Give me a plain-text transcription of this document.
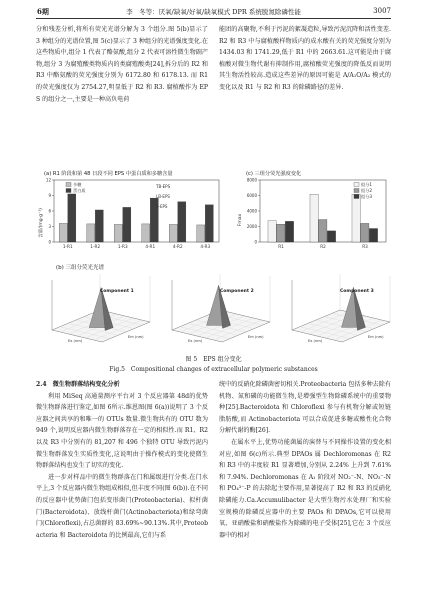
6期	李　冬等：厌氧/缺氧/好氧/缺氧模式 DPR 系统脱氮除磷性能	3007
分和残差分析,将所有荧光光谱分解为 3 个组分.图 5(b)显示了 3 种组分的光谱位置,图 5(c)显示了 3 种组分的光谱强度变化.在这些物质中,组分 1 代表了酪氨酸,组分 2 代表可溶性微生物副产物,组分 3 为腐殖酸类物质内的类腐殖酸类[24],拆分后的 R2 和 R3 中酪氨酸的荧光强度分别为 6172.80 和 6178.13. 而 R1 的荧光强度仅为 2754.27,明显低于 R2 和 R3. 腐植酸作为 EPS 的组分之一,主要是一种高负电荷
能团的高聚物,不利于污泥的絮凝造粒,导致污泥沉降和活性变差.R2 和 R3 中与腐植酸样物质内的成水酸有关的荧光强度分别为 1434.03 和 1741.29,低于 R1 中的 2663.61.这可能是由于腐植酸对微生物代谢有抑制作用,腐植酸荧光强度的降低反而说明其生物活性较高.造成这些差异的原因可能是 A/A₁O/A₂ 模式的变化以及 R1 与 R2 和 R3 的除磷路径的差异.
(a) R1 阶段和第 48 日段不同 EPS 中蛋白质和多糖含量
含量/(mg·g⁻¹)
0
3
6
9
12
1-R1	1-R2	1-R3	4-R1	4-R2	4-R3
多糖
蛋白质
TB-EPS
LB-EPS
S-EPS
(c) 三组分荧光强度变化
Fmax
0
2000
4000
6000
8000
R1	R2	R3
组分1
组分2
组分3
(b) 三组分荧光光谱
Component 1
Ex (nm)
Em (nm)
Component 2
Ex (nm)
Em (nm)
Component 3
Ex (nm)
Em (nm)
图 5　EPS 组分变化
Fig.5　Compositional changes of extracellular polymeric substances
2.4　微生物群落结构变化分析
利用 MiSeq 高通量测序平台对 3 个反应器第 48d的优势微生物群落进行鉴定,如图 6所示.维恩图(图 6(a))说明了 3 个反应器之间共享的和唯一的 OTUs 数量.微生物共有的 OTU 数为 949 个,说明反应器内微生物群落存在一定的相似性.而 R1、R2 以及 R3 中分别有的 81,207 和 496 个独特 OTU 导致污泥内微生物群落发生实质性变化,这说明由于操作模式的变化使微生物群落结构也发生了切实的变化.
进一步对样品中的微生物群落在门和属级进行分类.在门水平上,3 个反应器内微生物组成相似,但丰度不同(图 6(b)).在不同的反应器中优势菌门包括变形菌门(Proteobacteria)、拟杆菌门(Bacteroidota)、放线杆菌门(Actinobacteriota)和绿弯菌门(Chloroflexi),占总菌群的 83.69%~90.13%.其中,Proteobacteria 和 Bacteroidota 的比例最高,它们与系
统中的反硝化除磷菌密切相关.Proteobacteria 包括多种去除有机物、氮和磷的功能微生物,是增强型生物除磷系统中的重要物种[25].Bacteroidota 和 Chloroflexi 参与有机物分解或短链脂肪酸,而 Actinobacteriota 可以合成促进多糖或酸性化合物分解代谢的酶[26].
在属水平上,优势功能菌属的演替与不同操作设置的变化相对应,如图 6(c)所示.典型 DPAOs 属 Dechloromonas 在 R2 和 R3 中的丰度较 R1 显著增加,分别从 2.24% 上升到 7.61% 和 7.94%. Dechloromonas 在 A₁ 阶段对 NO₂⁻-N、NO₃⁻-N 和 PO₄³⁻-P 的去除起主要作用,显著提高了 R2 和 R3 的反硝化除磷能力.Ca.Accumulibacter 是大型生物污水处理厂和实验室规模的除磷反应器中的主要 PAOs 和 DPAOs,它可以使用氧、亚硝酸盐和硝酸盐作为除磷的电子受体[25],它在 3 个反应器中的相对
